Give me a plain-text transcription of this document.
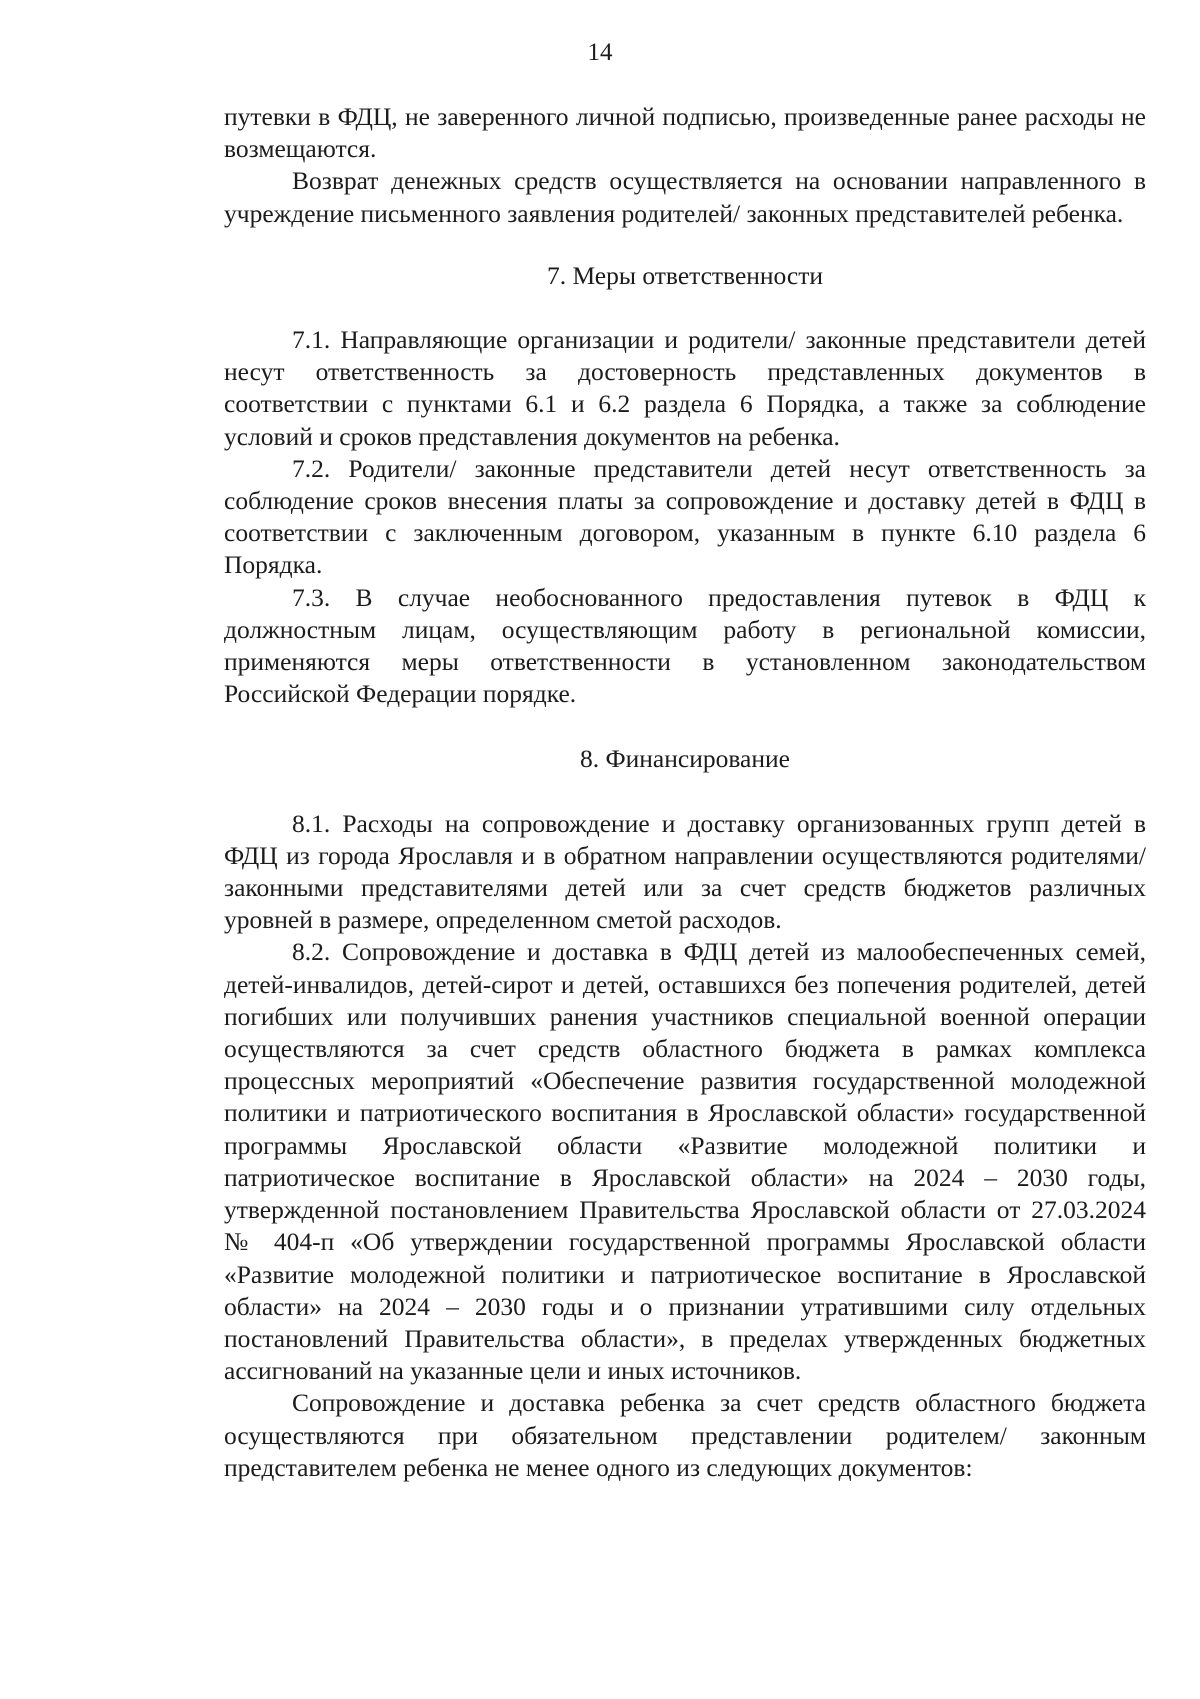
14

путевки в ФДЦ, не заверенного личной подписью, произведенные ранее расходы не возмещаются.

Возврат денежных средств осуществляется на основании направленного в учреждение письменного заявления родителей/ законных представителей ребенка.

7. Меры ответственности

7.1. Направляющие организации и родители/ законные представители детей несут ответственность за достоверность представленных документов в соответствии с пунктами 6.1 и 6.2 раздела 6 Порядка, а также за соблюдение условий и сроков представления документов на ребенка.

7.2. Родители/ законные представители детей несут ответственность за соблюдение сроков внесения платы за сопровождение и доставку детей в ФДЦ в соответствии с заключенным договором, указанным в пункте 6.10 раздела 6 Порядка.

7.3. В случае необоснованного предоставления путевок в ФДЦ к должностным лицам, осуществляющим работу в региональной комиссии, применяются меры ответственности в установленном законодательством Российской Федерации порядке.

8. Финансирование

8.1. Расходы на сопровождение и доставку организованных групп детей в ФДЦ из города Ярославля и в обратном направлении осуществляются родителями/ законными представителями детей или за счет средств бюджетов различных уровней в размере, определенном сметой расходов.

8.2. Сопровождение и доставка в ФДЦ детей из малообеспеченных семей, детей-инвалидов, детей-сирот и детей, оставшихся без попечения родителей, детей погибших или получивших ранения участников специальной военной операции осуществляются за счет средств областного бюджета в рамках комплекса процессных мероприятий «Обеспечение развития государственной молодежной политики и патриотического воспитания в Ярославской области» государственной программы Ярославской области «Развитие молодежной политики и патриотическое воспитание в Ярославской области» на 2024 – 2030 годы, утвержденной постановлением Правительства Ярославской области от 27.03.2024 № 404-п «Об утверждении государственной программы Ярославской области «Развитие молодежной политики и патриотическое воспитание в Ярославской области» на 2024 – 2030 годы и о признании утратившими силу отдельных постановлений Правительства области», в пределах утвержденных бюджетных ассигнований на указанные цели и иных источников.

Сопровождение и доставка ребенка за счет средств областного бюджета осуществляются при обязательном представлении родителем/ законным представителем ребенка не менее одного из следующих документов:
